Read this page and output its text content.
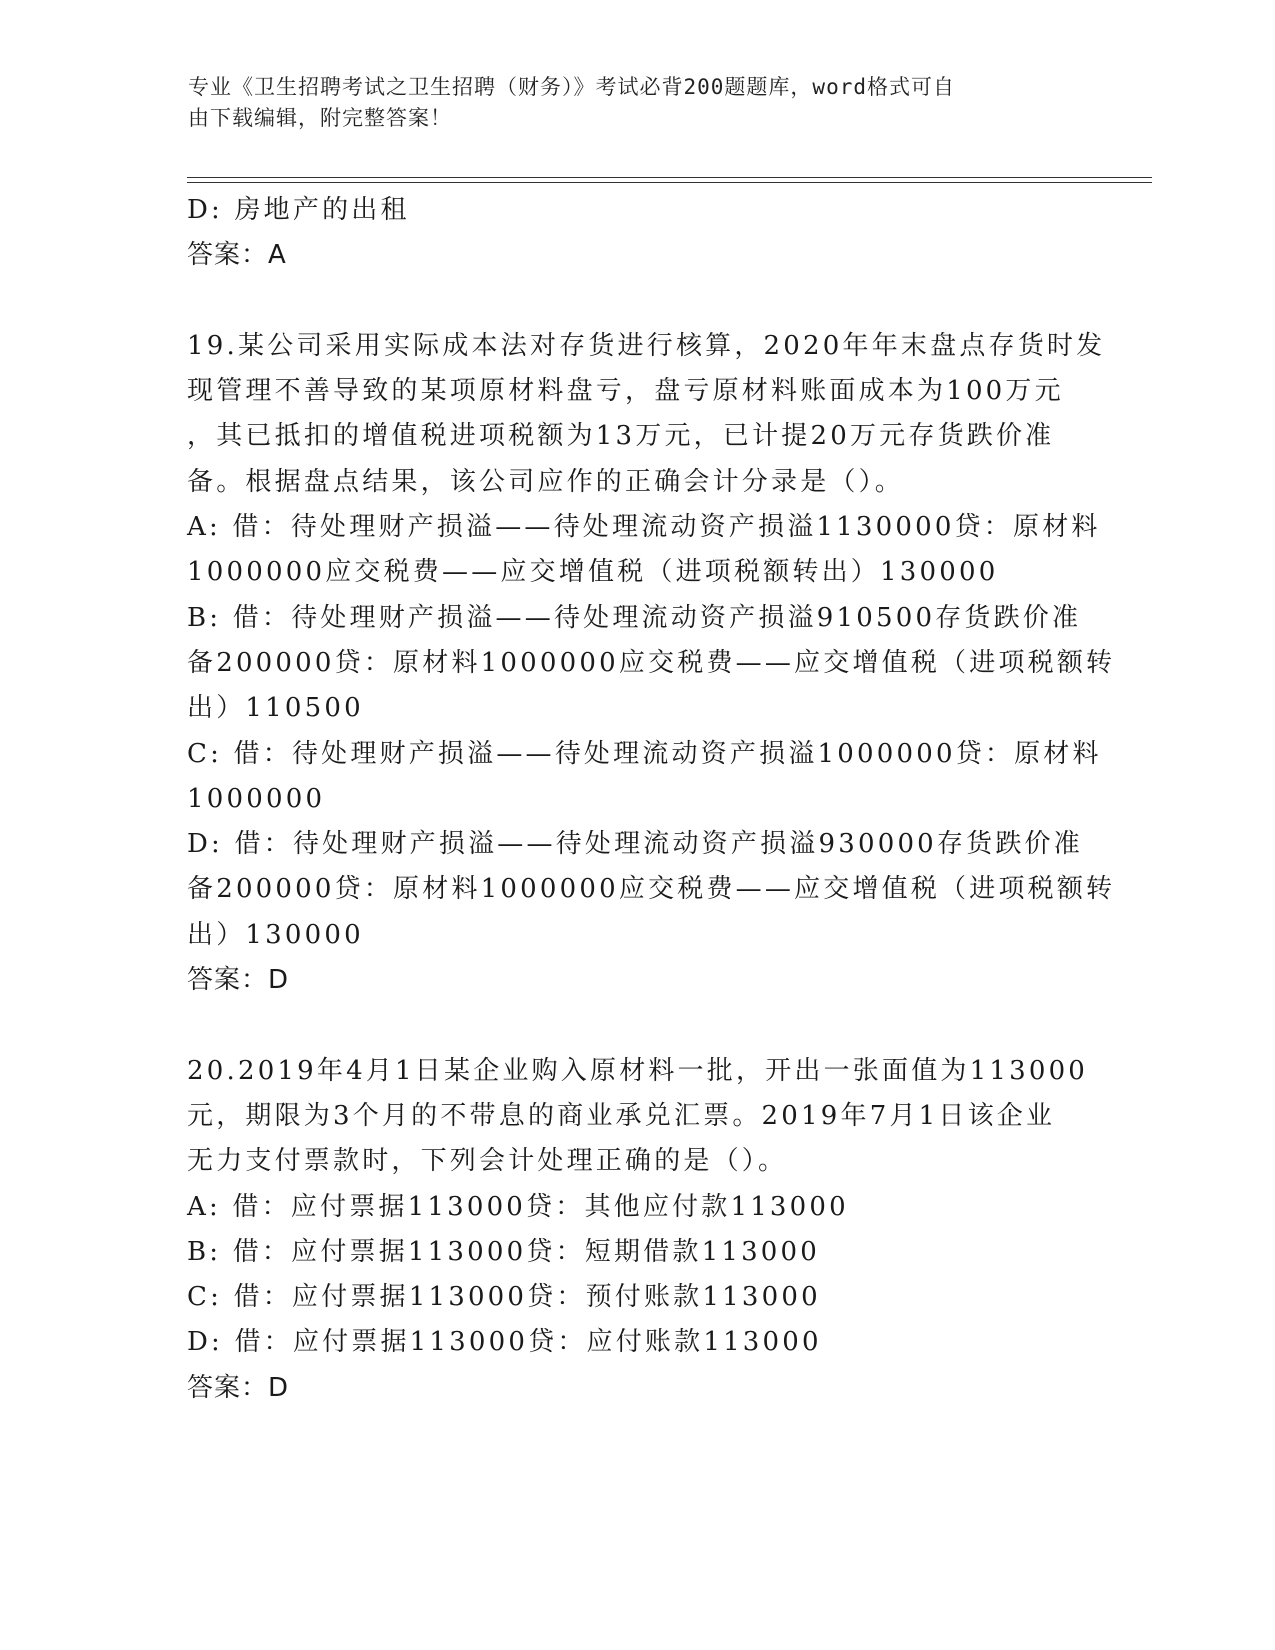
专业《卫生招聘考试之卫生招聘（财务）》考试必背200题题库，word格式可自
由下载编辑，附完整答案！

D: 房地产的出租

答案：A

19.某公司采用实际成本法对存货进行核算，2020年年末盘点存货时发

现管理不善导致的某项原材料盘亏，盘亏原材料账面成本为100万元

，其已抵扣的增值税进项税额为13万元，已计提20万元存货跌价准

备。根据盘点结果，该公司应作的正确会计分录是（）。

A: 借：待处理财产损溢——待处理流动资产损溢1130000贷：原材料

1000000应交税费——应交增值税（进项税额转出）130000

B: 借：待处理财产损溢——待处理流动资产损溢910500存货跌价准

备200000贷：原材料1000000应交税费——应交增值税（进项税额转

出）110500

C: 借：待处理财产损溢——待处理流动资产损溢1000000贷：原材料

1000000

D: 借：待处理财产损溢——待处理流动资产损溢930000存货跌价准

备200000贷：原材料1000000应交税费——应交增值税（进项税额转

出）130000

答案：D

20.2019年4月1日某企业购入原材料一批，开出一张面值为113000

元，期限为3个月的不带息的商业承兑汇票。2019年7月1日该企业

无力支付票款时，下列会计处理正确的是（）。

A: 借：应付票据113000贷：其他应付款113000

B: 借：应付票据113000贷：短期借款113000

C: 借：应付票据113000贷：预付账款113000

D: 借：应付票据113000贷：应付账款113000

答案：D
